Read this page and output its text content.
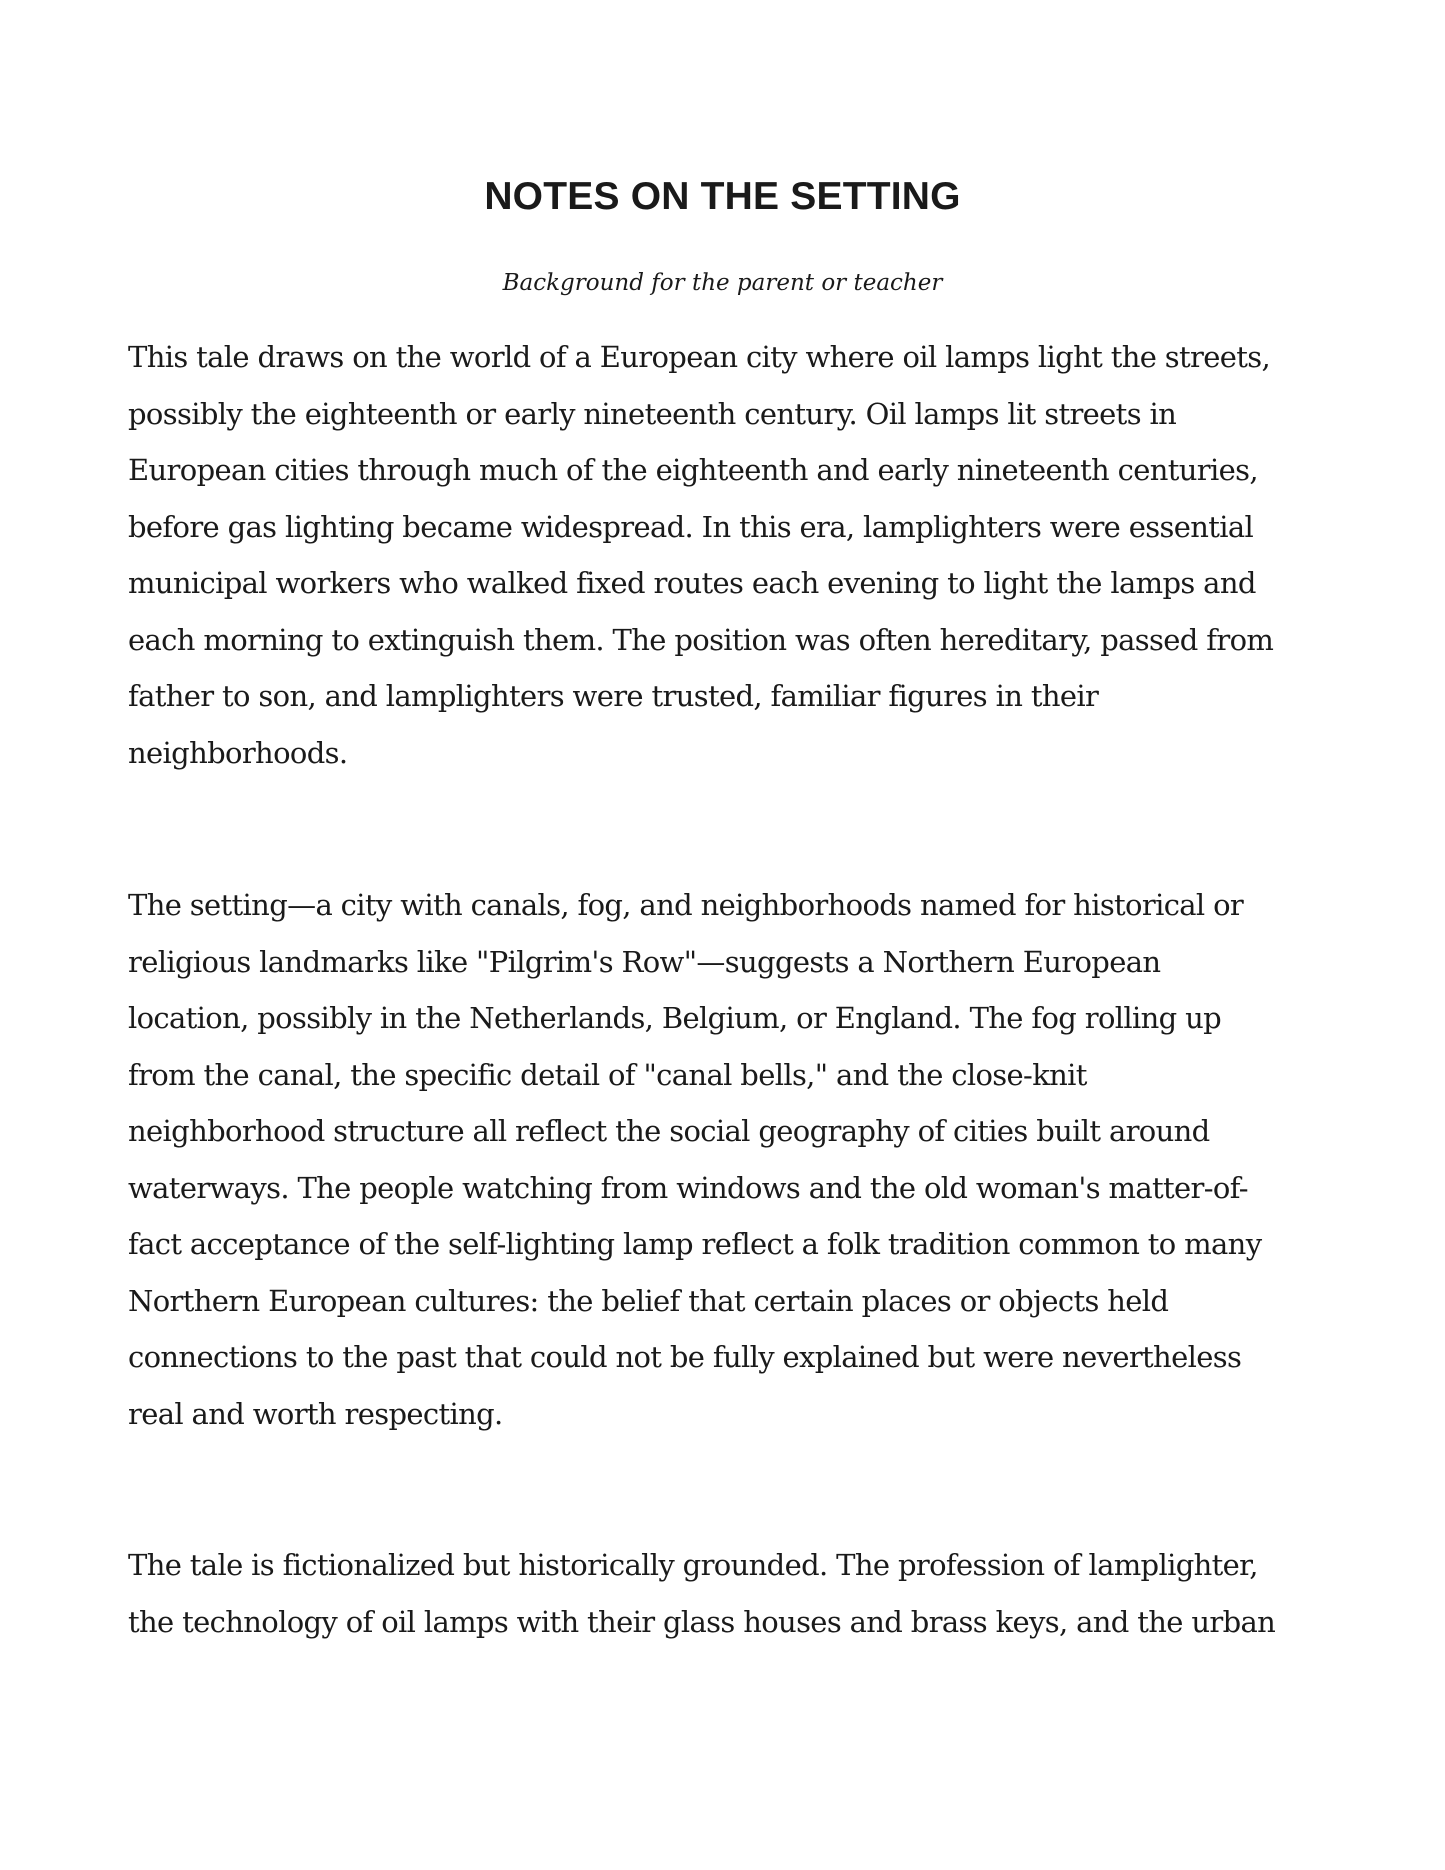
NOTES ON THE SETTING

Background for the parent or teacher

This tale draws on the world of a European city where oil lamps light the streets,
possibly the eighteenth or early nineteenth century. Oil lamps lit streets in
European cities through much of the eighteenth and early nineteenth centuries,
before gas lighting became widespread. In this era, lamplighters were essential
municipal workers who walked fixed routes each evening to light the lamps and
each morning to extinguish them. The position was often hereditary, passed from
father to son, and lamplighters were trusted, familiar figures in their
neighborhoods.

The setting—a city with canals, fog, and neighborhoods named for historical or
religious landmarks like "Pilgrim's Row"—suggests a Northern European
location, possibly in the Netherlands, Belgium, or England. The fog rolling up
from the canal, the specific detail of "canal bells," and the close-knit
neighborhood structure all reflect the social geography of cities built around
waterways. The people watching from windows and the old woman's matter-of-
fact acceptance of the self-lighting lamp reflect a folk tradition common to many
Northern European cultures: the belief that certain places or objects held
connections to the past that could not be fully explained but were nevertheless
real and worth respecting.

The tale is fictionalized but historically grounded. The profession of lamplighter,
the technology of oil lamps with their glass houses and brass keys, and the urban
